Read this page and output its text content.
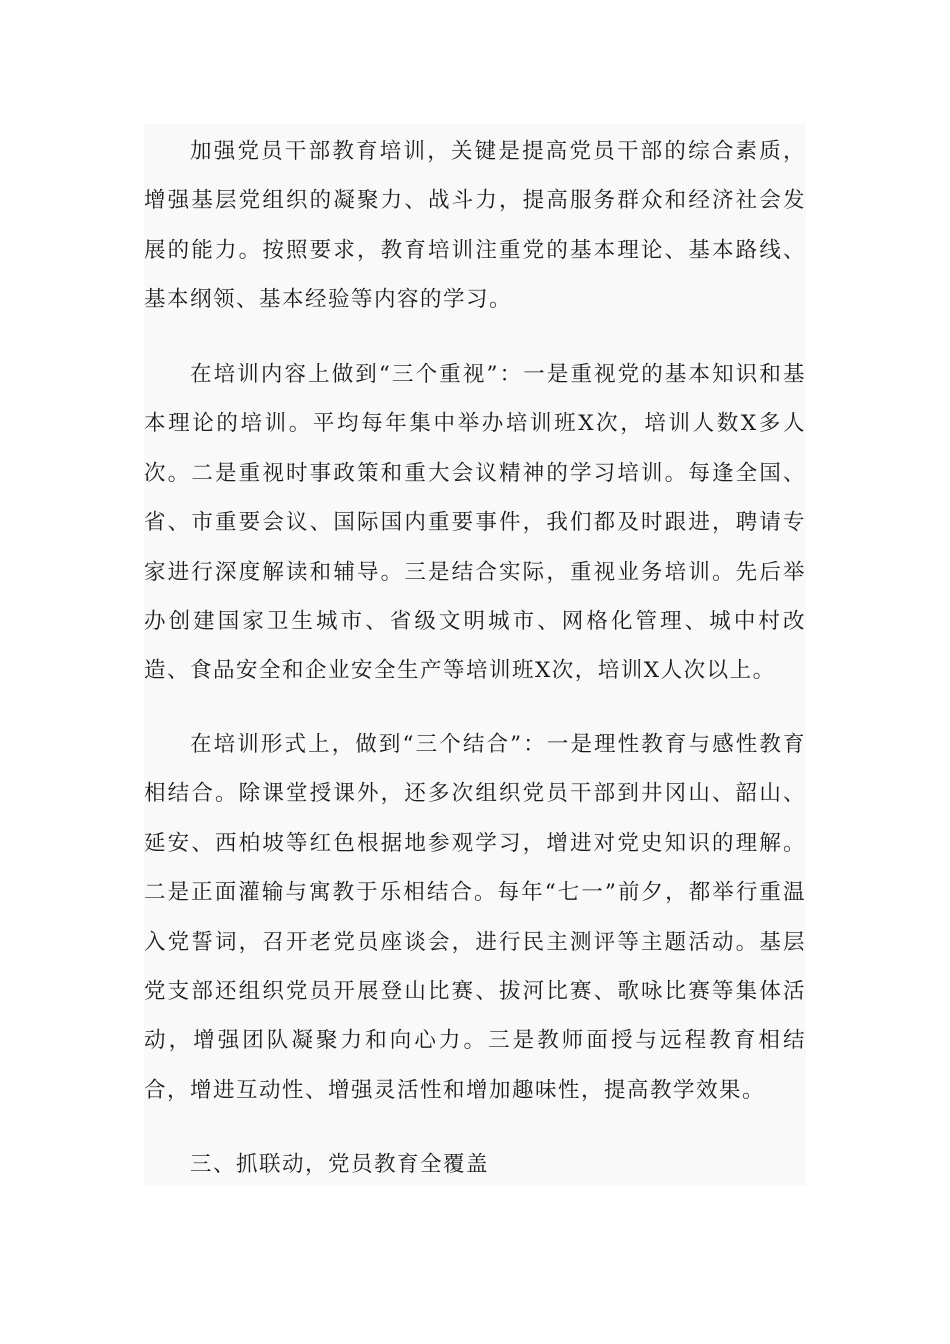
加强党员干部教育培训，关键是提高党员干部的综合素质，增强基层党组织的凝聚力、战斗力，提高服务群众和经济社会发展的能力。按照要求，教育培训注重党的基本理论、基本路线、基本纲领、基本经验等内容的学习。

在培训内容上做到“三个重视”：一是重视党的基本知识和基本理论的培训。平均每年集中举办培训班X次，培训人数X多人次。二是重视时事政策和重大会议精神的学习培训。每逢全国、省、市重要会议、国际国内重要事件，我们都及时跟进，聘请专家进行深度解读和辅导。三是结合实际，重视业务培训。先后举办创建国家卫生城市、省级文明城市、网格化管理、城中村改造、食品安全和企业安全生产等培训班X次，培训X人次以上。

在培训形式上，做到“三个结合”：一是理性教育与感性教育相结合。除课堂授课外，还多次组织党员干部到井冈山、韶山、延安、西柏坡等红色根据地参观学习，增进对党史知识的理解。二是正面灌输与寓教于乐相结合。每年“七一”前夕，都举行重温入党誓词，召开老党员座谈会，进行民主测评等主题活动。基层党支部还组织党员开展登山比赛、拔河比赛、歌咏比赛等集体活动，增强团队凝聚力和向心力。三是教师面授与远程教育相结合，增进互动性、增强灵活性和增加趣味性，提高教学效果。

三、抓联动，党员教育全覆盖
